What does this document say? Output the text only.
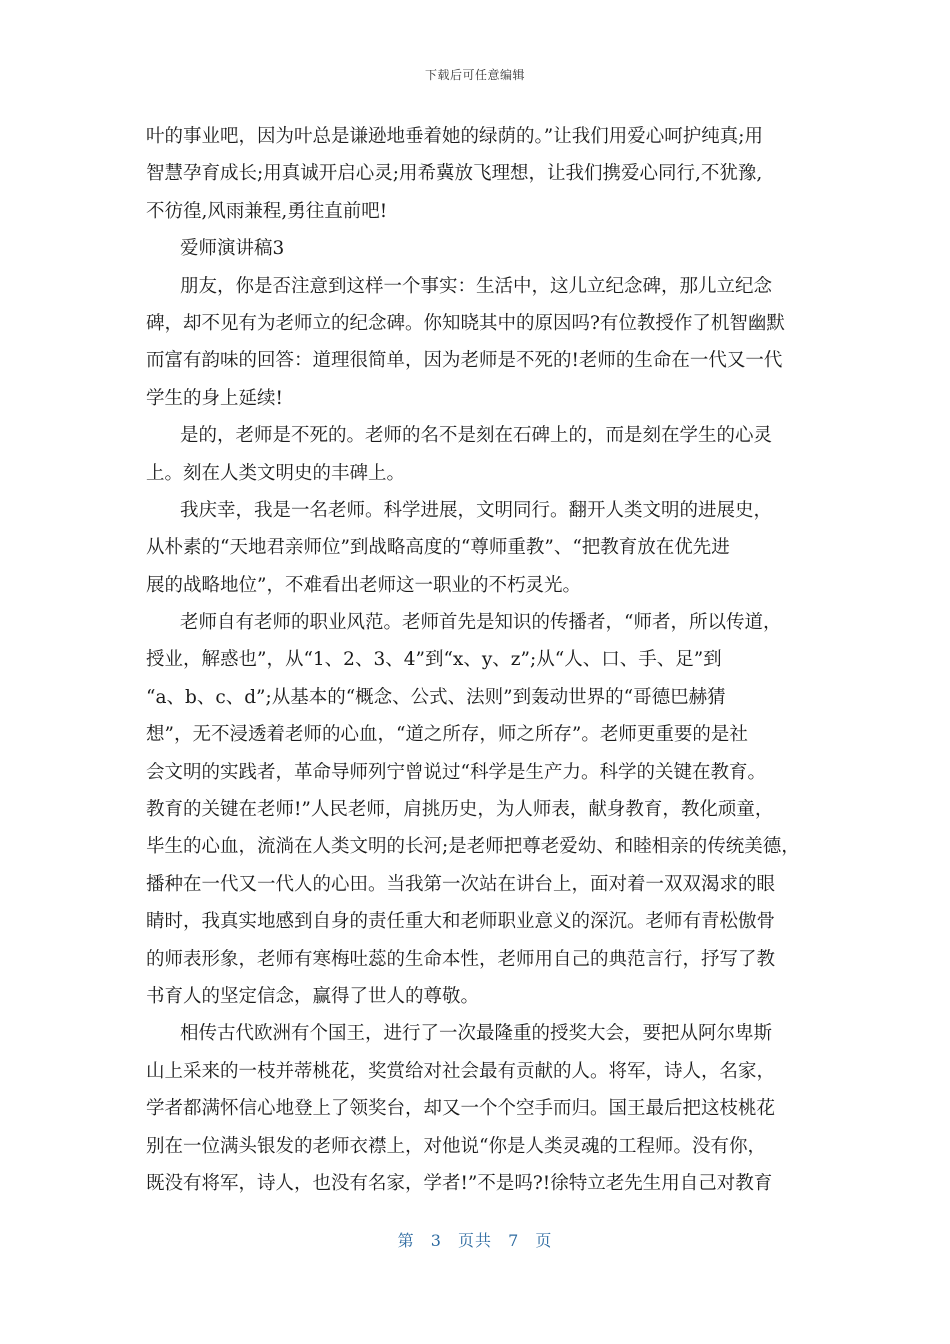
下载后可任意编辑
叶的事业吧，因为叶总是谦逊地垂着她的绿荫的。”让我们用爱心呵护纯真;用
智慧孕育成长;用真诚开启心灵;用希冀放飞理想，让我们携爱心同行,不犹豫,
不彷徨,风雨兼程,勇往直前吧!
爱师演讲稿3
朋友，你是否注意到这样一个事实：生活中，这儿立纪念碑，那儿立纪念
碑，却不见有为老师立的纪念碑。你知晓其中的原因吗?有位教授作了机智幽默
而富有韵味的回答：道理很简单，因为老师是不死的!老师的生命在一代又一代
学生的身上延续!
是的，老师是不死的。老师的名不是刻在石碑上的，而是刻在学生的心灵
上。刻在人类文明史的丰碑上。
我庆幸，我是一名老师。科学进展，文明同行。翻开人类文明的进展史，
从朴素的“天地君亲师位”到战略高度的“尊师重教”、“把教育放在优先进
展的战略地位”，不难看出老师这一职业的不朽灵光。
老师自有老师的职业风范。老师首先是知识的传播者，“师者，所以传道，
授业，解惑也”，从“1、2、3、4”到“x、y、z”;从“人、口、手、足”到
“a、b、c、d”;从基本的“概念、公式、法则”到轰动世界的“哥德巴赫猜
想”，无不浸透着老师的心血，“道之所存，师之所存”。老师更重要的是社
会文明的实践者，革命导师列宁曾说过“科学是生产力。科学的关键在教育。
教育的关键在老师!”人民老师，肩挑历史，为人师表，献身教育，教化顽童，
毕生的心血，流淌在人类文明的长河;是老师把尊老爱幼、和睦相亲的传统美德，
播种在一代又一代人的心田。当我第一次站在讲台上，面对着一双双渴求的眼
睛时，我真实地感到自身的责任重大和老师职业意义的深沉。老师有青松傲骨
的师表形象，老师有寒梅吐蕊的生命本性，老师用自己的典范言行，抒写了教
书育人的坚定信念，赢得了世人的尊敬。
相传古代欧洲有个国王，进行了一次最隆重的授奖大会，要把从阿尔卑斯
山上采来的一枝并蒂桃花，奖赏给对社会最有贡献的人。将军，诗人，名家，
学者都满怀信心地登上了领奖台，却又一个个空手而归。国王最后把这枝桃花
别在一位满头银发的老师衣襟上，对他说“你是人类灵魂的工程师。没有你，
既没有将军，诗人，也没有名家，学者!”不是吗?!徐特立老先生用自己对教育
第 3 页共 7 页
